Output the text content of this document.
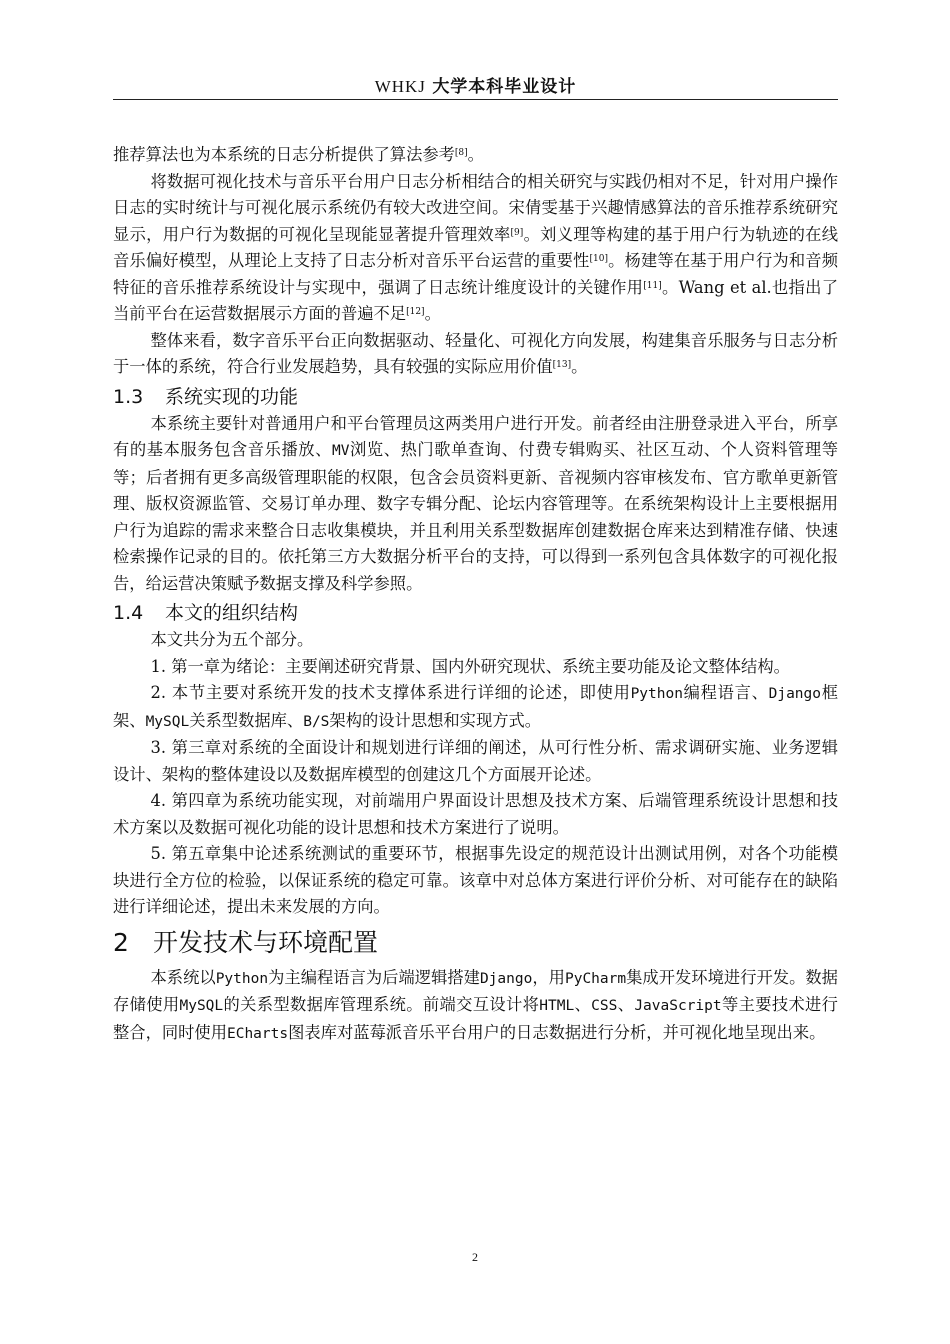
WHKJ 大学本科毕业设计

推荐算法也为本系统的日志分析提供了算法参考[8]。

将数据可视化技术与音乐平台用户日志分析相结合的相关研究与实践仍相对不足，针对用户操作日志的实时统计与可视化展示系统仍有较大改进空间。宋倩雯基于兴趣情感算法的音乐推荐系统研究显示，用户行为数据的可视化呈现能显著提升管理效率[9]。刘义理等构建的基于用户行为轨迹的在线音乐偏好模型，从理论上支持了日志分析对音乐平台运营的重要性[10]。杨建等在基于用户行为和音频特征的音乐推荐系统设计与实现中，强调了日志统计维度设计的关键作用[11]。Wang et al.也指出了当前平台在运营数据展示方面的普遍不足[12]。

整体来看，数字音乐平台正向数据驱动、轻量化、可视化方向发展，构建集音乐服务与日志分析于一体的系统，符合行业发展趋势，具有较强的实际应用价值[13]。

1.3 系统实现的功能

本系统主要针对普通用户和平台管理员这两类用户进行开发。前者经由注册登录进入平台，所享有的基本服务包含音乐播放、MV浏览、热门歌单查询、付费专辑购买、社区互动、个人资料管理等等；后者拥有更多高级管理职能的权限，包含会员资料更新、音视频内容审核发布、官方歌单更新管理、版权资源监管、交易订单办理、数字专辑分配、论坛内容管理等。在系统架构设计上主要根据用户行为追踪的需求来整合日志收集模块，并且利用关系型数据库创建数据仓库来达到精准存储、快速检索操作记录的目的。依托第三方大数据分析平台的支持，可以得到一系列包含具体数字的可视化报告，给运营决策赋予数据支撑及科学参照。

1.4 本文的组织结构

本文共分为五个部分。

1. 第一章为绪论：主要阐述研究背景、国内外研究现状、系统主要功能及论文整体结构。

2. 本节主要对系统开发的技术支撑体系进行详细的论述，即使用Python编程语言、Django框架、MySQL关系型数据库、B/S架构的设计思想和实现方式。

3. 第三章对系统的全面设计和规划进行详细的阐述，从可行性分析、需求调研实施、业务逻辑设计、架构的整体建设以及数据库模型的创建这几个方面展开论述。

4. 第四章为系统功能实现，对前端用户界面设计思想及技术方案、后端管理系统设计思想和技术方案以及数据可视化功能的设计思想和技术方案进行了说明。

5. 第五章集中论述系统测试的重要环节，根据事先设定的规范设计出测试用例，对各个功能模块进行全方位的检验，以保证系统的稳定可靠。该章中对总体方案进行评价分析、对可能存在的缺陷进行详细论述，提出未来发展的方向。

2 开发技术与环境配置

本系统以Python为主编程语言为后端逻辑搭建Django，用PyCharm集成开发环境进行开发。数据存储使用MySQL的关系型数据库管理系统。前端交互设计将HTML、CSS、JavaScript等主要技术进行整合，同时使用ECharts图表库对蓝莓派音乐平台用户的日志数据进行分析，并可视化地呈现出来。

2
